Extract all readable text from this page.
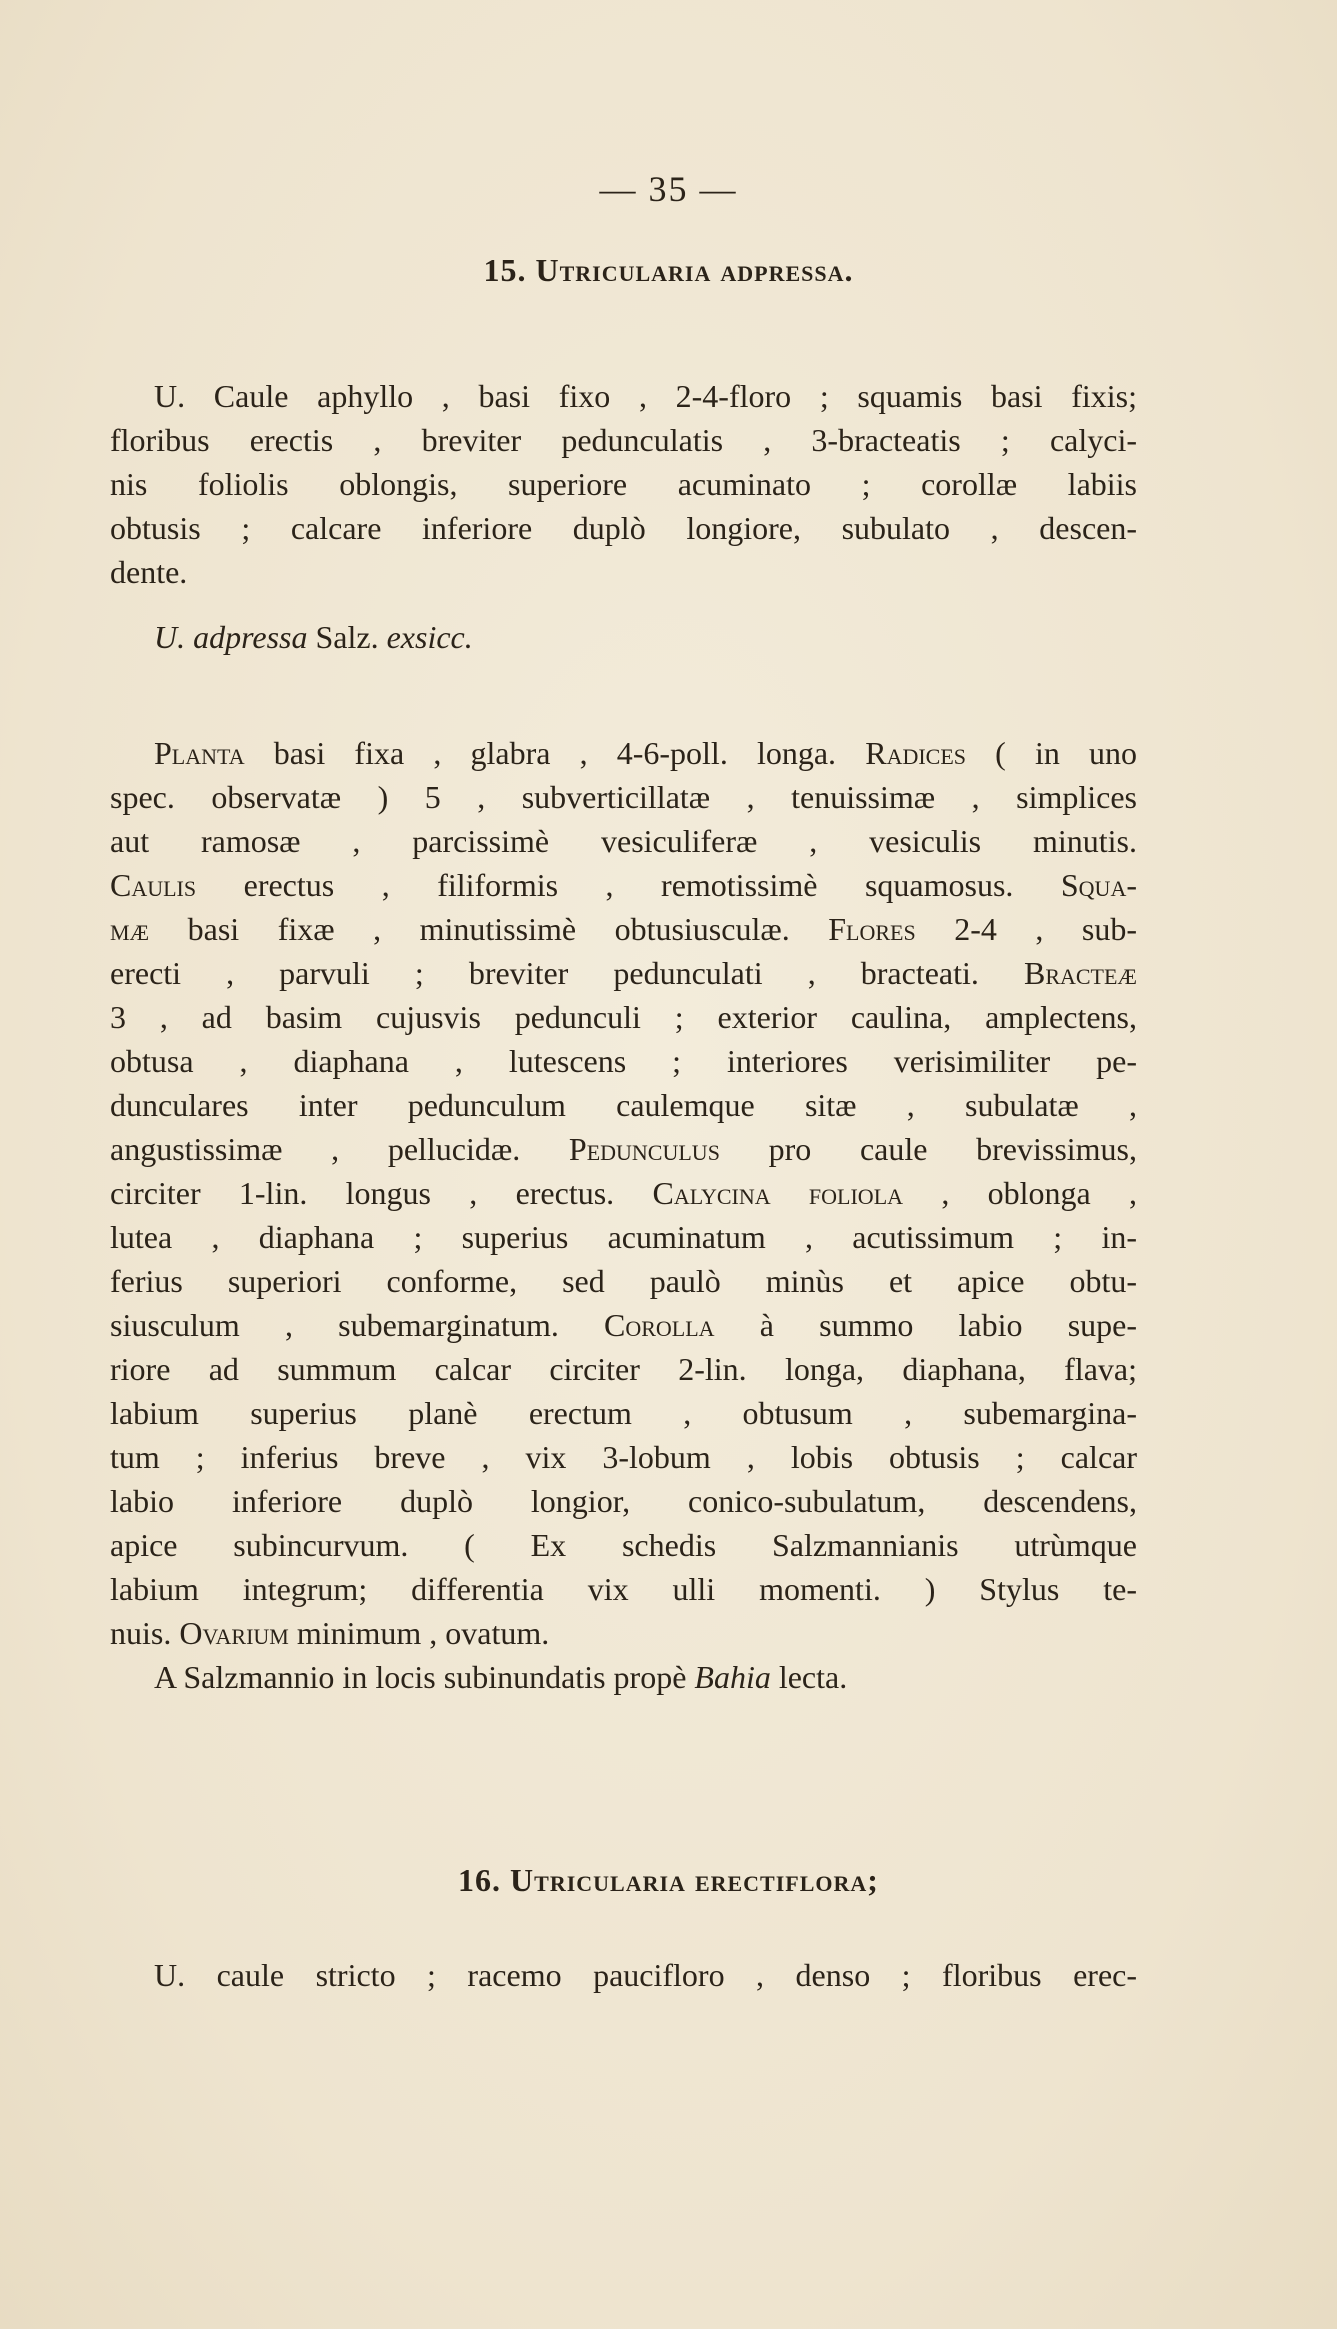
— 35 —
15. Utricularia adpressa.
U. Caule aphyllo , basi fixo , 2-4-floro ; squamis basi fixis;
floribus erectis , breviter pedunculatis , 3-bracteatis ; calyci-
nis foliolis oblongis, superiore acuminato ; corollæ labiis
obtusis ; calcare inferiore duplò longiore, subulato , descen-
dente.
U. adpressa Salz. exsicc.
Planta basi fixa , glabra , 4-6-poll. longa. Radices ( in uno
spec. observatæ ) 5 , subverticillatæ , tenuissimæ , simplices
aut ramosæ , parcissimè vesiculiferæ , vesiculis minutis.
Caulis erectus , filiformis , remotissimè squamosus. Squa-
mæ basi fixæ , minutissimè obtusiusculæ. Flores 2-4 , sub-
erecti , parvuli ; breviter pedunculati , bracteati. Bracteæ
3 , ad basim cujusvis pedunculi ; exterior caulina, amplectens,
obtusa , diaphana , lutescens ; interiores verisimiliter pe-
dunculares inter pedunculum caulemque sitæ , subulatæ ,
angustissimæ , pellucidæ. Pedunculus pro caule brevissimus,
circiter 1-lin. longus , erectus. Calycina foliola , oblonga ,
lutea , diaphana ; superius acuminatum , acutissimum ; in-
ferius superiori conforme, sed paulò minùs et apice obtu-
siusculum , subemarginatum. Corolla à summo labio supe-
riore ad summum calcar circiter 2-lin. longa, diaphana, flava;
labium superius planè erectum , obtusum , subemargina-
tum ; inferius breve , vix 3-lobum , lobis obtusis ; calcar
labio inferiore duplò longior, conico-subulatum, descendens,
apice subincurvum. ( Ex schedis Salzmannianis utrùmque
labium integrum; differentia vix ulli momenti. ) Stylus te-
nuis. Ovarium minimum , ovatum.
A Salzmannio in locis subinundatis propè Bahia lecta.
U. caule stricto ; racemo paucifloro , denso ; floribus erec-
16. Utricularia erectiflora;
